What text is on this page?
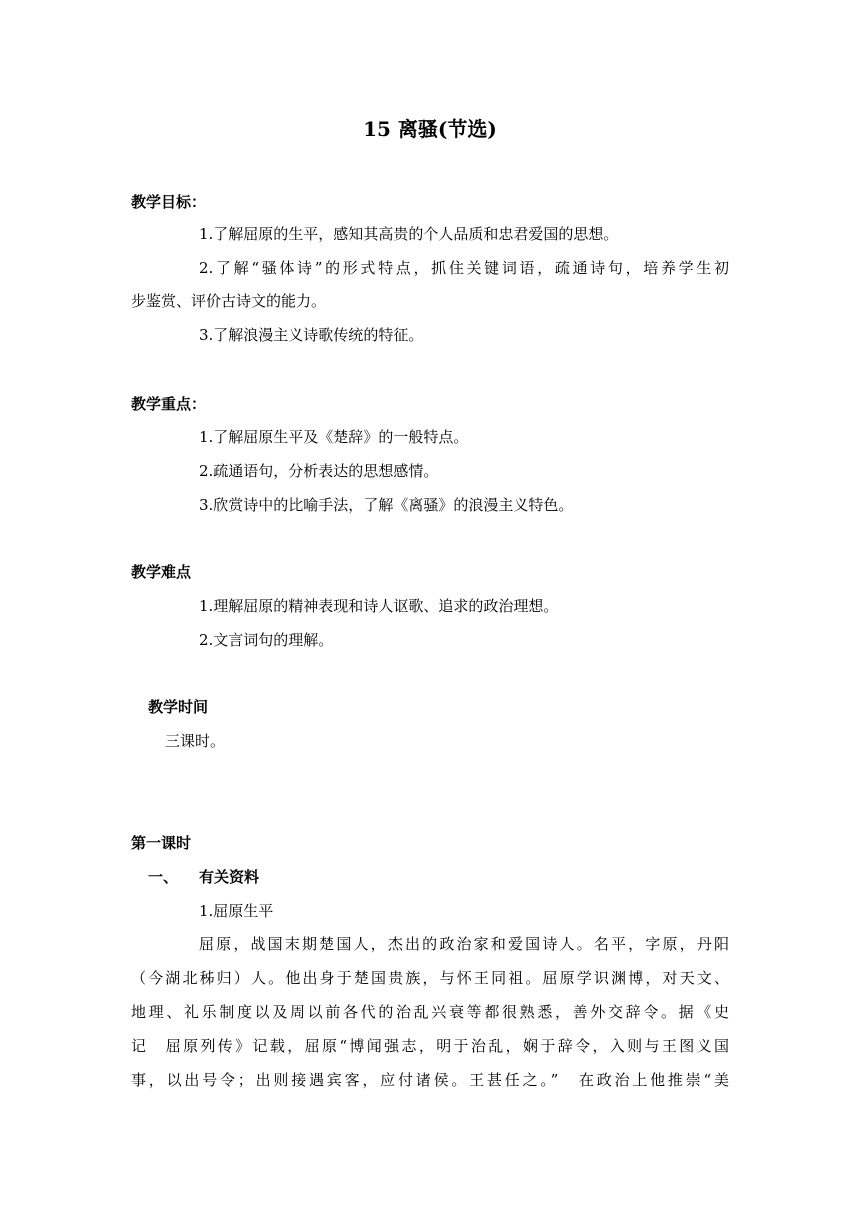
15 离骚(节选)
教学目标：
1.了解屈原的生平，感知其高贵的个人品质和忠君爱国的思想。
2.了解“骚体诗”的形式特点，抓住关键词语，疏通诗句，培养学生初
步鉴赏、评价古诗文的能力。
3.了解浪漫主义诗歌传统的特征。
教学重点：
1.了解屈原生平及《楚辞》的一般特点。
2.疏通语句，分析表达的思想感情。
3.欣赏诗中的比喻手法，了解《离骚》的浪漫主义特色。
教学难点
1.理解屈原的精神表现和诗人讴歌、追求的政治理想。
2.文言词句的理解。
教学时间
三课时。
第一课时
一、 有关资料
1.屈原生平
屈原，战国末期楚国人，杰出的政治家和爱国诗人。名平，字原，丹阳
（今湖北秭归）人。他出身于楚国贵族，与怀王同祖。屈原学识渊博，对天文、
地理、礼乐制度以及周以前各代的治乱兴衰等都很熟悉，善外交辞令。据《史
记　屈原列传》记载，屈原“博闻强志，明于治乱，娴于辞令，入则与王图义国
事，以出号令；出则接遇宾客，应付诸侯。王甚任之。”　在政治上他推崇“美
